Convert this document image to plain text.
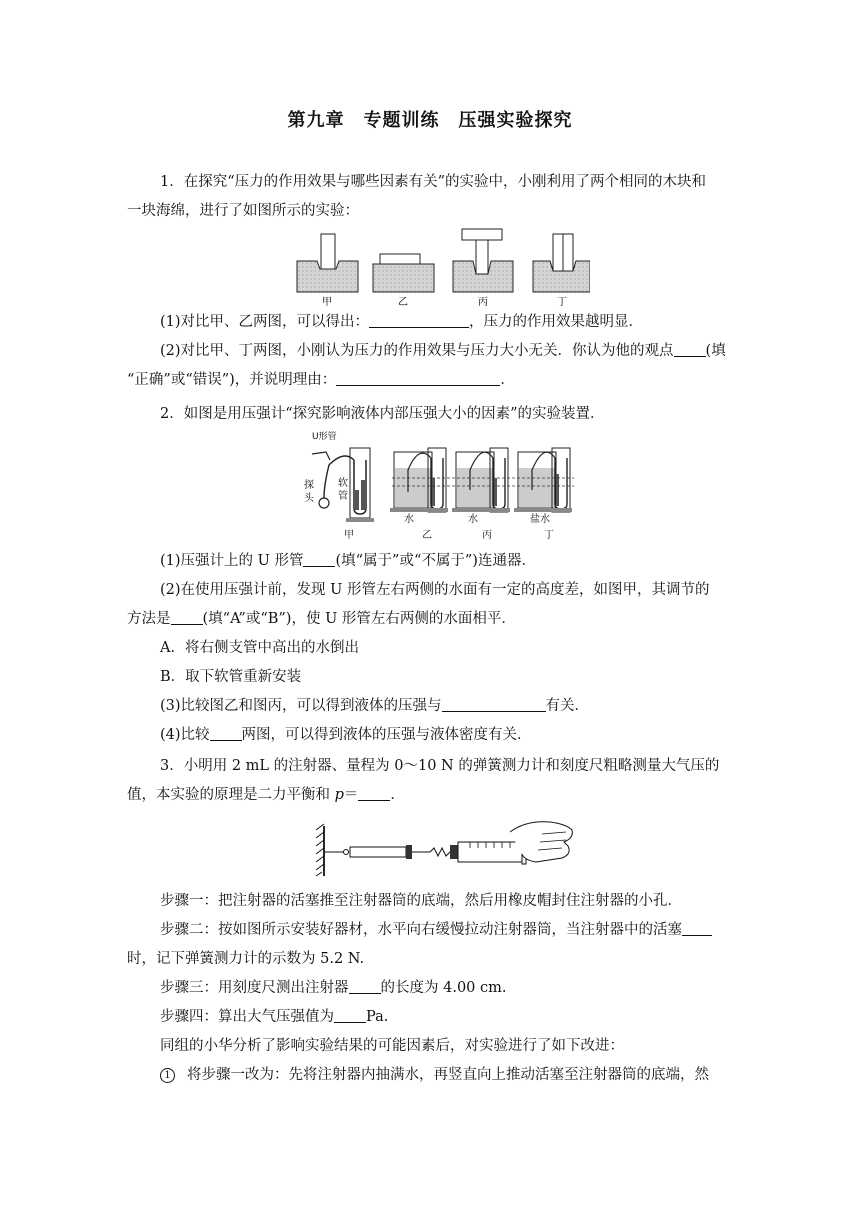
第九章　专题训练　压强实验探究
1．在探究“压力的作用效果与哪些因素有关”的实验中，小刚利用了两个相同的木块和
一块海绵，进行了如图所示的实验：
甲	乙	丙	丁
(1)对比甲、乙两图，可以得出：	，压力的作用效果越明显．
(2)对比甲、丁两图，小刚认为压力的作用效果与压力大小无关．你认为他的观点 (填
“正确”或“错误”)，并说明理由：	．
2．如图是用压强计“探究影响液体内部压强大小的因素”的实验装置．
U形管
探
头
软
管
水	水	盐水
甲	乙	丙	丁
(1)压强计上的 U 形管 (填“属于”或“不属于”)连通器．
(2)在使用压强计前，发现 U 形管左右两侧的水面有一定的高度差，如图甲，其调节的
方法是 (填“A”或“B”)，使 U 形管左右两侧的水面相平．
A．将右侧支管中高出的水倒出
B．取下软管重新安装
(3)比较图乙和图丙，可以得到液体的压强与	有关．
(4)比较 两图，可以得到液体的压强与液体密度有关．
3．小明用 2 mL 的注射器、量程为 0～10 N 的弹簧测力计和刻度尺粗略测量大气压的
值，本实验的原理是二力平衡和 p＝ ．
步骤一：把注射器的活塞推至注射器筒的底端，然后用橡皮帽封住注射器的小孔．
步骤二：按如图所示安装好器材，水平向右缓慢拉动注射器筒，当注射器中的活塞
时，记下弹簧测力计的示数为 5.2 N.
步骤三：用刻度尺测出注射器 的长度为 4.00 cm.
步骤四：算出大气压强值为 Pa.
同组的小华分析了影响实验结果的可能因素后，对实验进行了如下改进：
1 将步骤一改为：先将注射器内抽满水，再竖直向上推动活塞至注射器筒的底端，然
